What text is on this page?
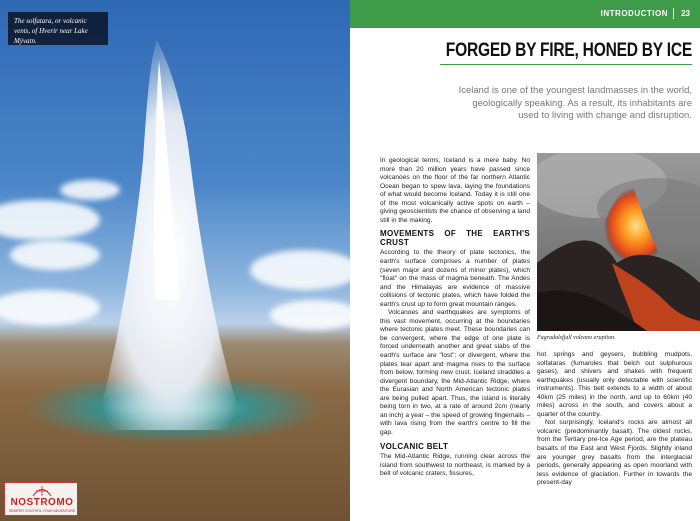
The solfatara, or volcanic vents, of Hverir near Lake Mývatn.
NOSTROMO
SEMPER CONTROL YOUR ADVENTURE
INTRODUCTION 23
FORGED BY FIRE, HONED BY ICE

Iceland is one of the youngest landmasses in the world, geologically speaking. As a result, its inhabitants are used to living with change and disruption.

In geological terms, Iceland is a mere baby. No more than 20 million years have passed since volcanoes on the floor of the far northern Atlantic Ocean began to spew lava, laying the foundations of what would become Iceland. Today it is still one of the most volcanically active spots on earth – giving geoscientists the chance of observing a land still in the making.

MOVEMENTS OF THE EARTH'S CRUST

According to the theory of plate tectonics, the earth's surface comprises a number of plates (seven major and dozens of minor plates), which "float" on the mass of magma beneath. The Andes and the Himalayas are evidence of massive collisions of tectonic plates, which have folded the earth's crust up to form great mountain ranges.

Volcanoes and earthquakes are symptoms of this vast movement, occurring at the boundaries where tectonic plates meet. These boundaries can be convergent, where the edge of one plate is forced underneath another and great slabs of the earth's surface are "lost"; or divergent, where the plates tear apart and magma rises to the surface from below, forming new crust. Iceland straddles a divergent boundary, the Mid-Atlantic Ridge, where the Eurasian and North American tectonic plates are being pulled apart. Thus, the island is literally being torn in two, at a rate of around 2cm (nearly an inch) a year – the speed of growing fingernails – with lava rising from the earth's centre to fill the gap.

VOLCANIC BELT

The Mid-Atlantic Ridge, running clear across the island from southwest to northeast, is marked by a belt of volcanic craters, fissures,

Fagradalsfjall volcano eruption.

hot springs and geysers, bubbling mudpots, solfataras (fumaroles that belch out sulphurous gases), and shivers and shakes with frequent earthquakes (usually only detectable with scientific instruments). This belt extends to a width of about 40km (25 miles) in the north, and up to 60km (40 miles) across in the south, and covers about a quarter of the country.

Not surprisingly, Iceland's rocks are almost all volcanic (predominantly basalt). The oldest rocks, from the Tertiary pre-Ice Age period, are the plateau basalts of the East and West Fjords. Slightly inland are younger grey basalts from the interglacial periods, generally appearing as open moorland with less evidence of glaciation. Further in towards the present-day
